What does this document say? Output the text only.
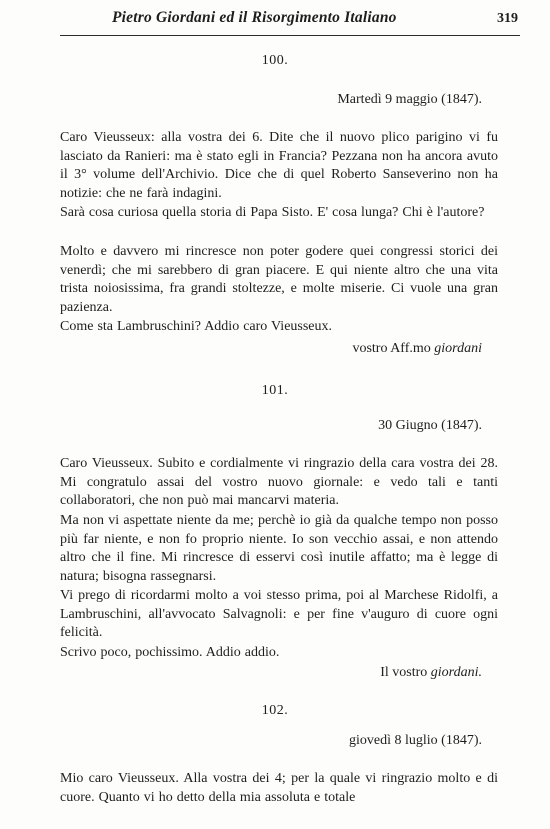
Pietro Giordani ed il Risorgimento Italiano	319
100.
Martedì 9 maggio (1847).

Caro Vieusseux: alla vostra dei 6. Dite che il nuovo plico parigino vi fu lasciato da Ranieri: ma è stato egli in Francia? Pezzana non ha ancora avuto il 3° volume dell'Archivio. Dice che di quel Roberto Sanseverino non ha notizie: che ne farà indagini.

Sarà cosa curiosa quella storia di Papa Sisto. E' cosa lunga? Chi è l'autore?

Molto e davvero mi rincresce non poter godere quei congressi storici dei venerdì; che mi sarebbero di gran piacere. E qui niente altro che una vita trista noiosissima, fra grandi stoltezze, e molte miserie. Ci vuole una gran pazienza.

Come sta Lambruschini? Addio caro Vieusseux.

vostro Aff.mo giordani
101.
30 Giugno (1847).

Caro Vieusseux. Subito e cordialmente vi ringrazio della cara vostra dei 28. Mi congratulo assai del vostro nuovo giornale: e vedo tali e tanti collaboratori, che non può mai mancarvi materia.

Ma non vi aspettate niente da me; perchè io già da qualche tempo non posso più far niente, e non fo proprio niente. Io son vecchio assai, e non attendo altro che il fine. Mi rincresce di esservi così inutile affatto; ma è legge di natura; bisogna rassegnarsi.

Vi prego di ricordarmi molto a voi stesso prima, poi al Marchese Ridolfi, a Lambruschini, all'avvocato Salvagnoli: e per fine v'auguro di cuore ogni felicità.

Scrivo poco, pochissimo. Addio addio.

Il vostro giordani.
102.
giovedì 8 luglio (1847).

Mio caro Vieusseux. Alla vostra dei 4; per la quale vi ringrazio molto e di cuore. Quanto vi ho detto della mia assoluta e totale
